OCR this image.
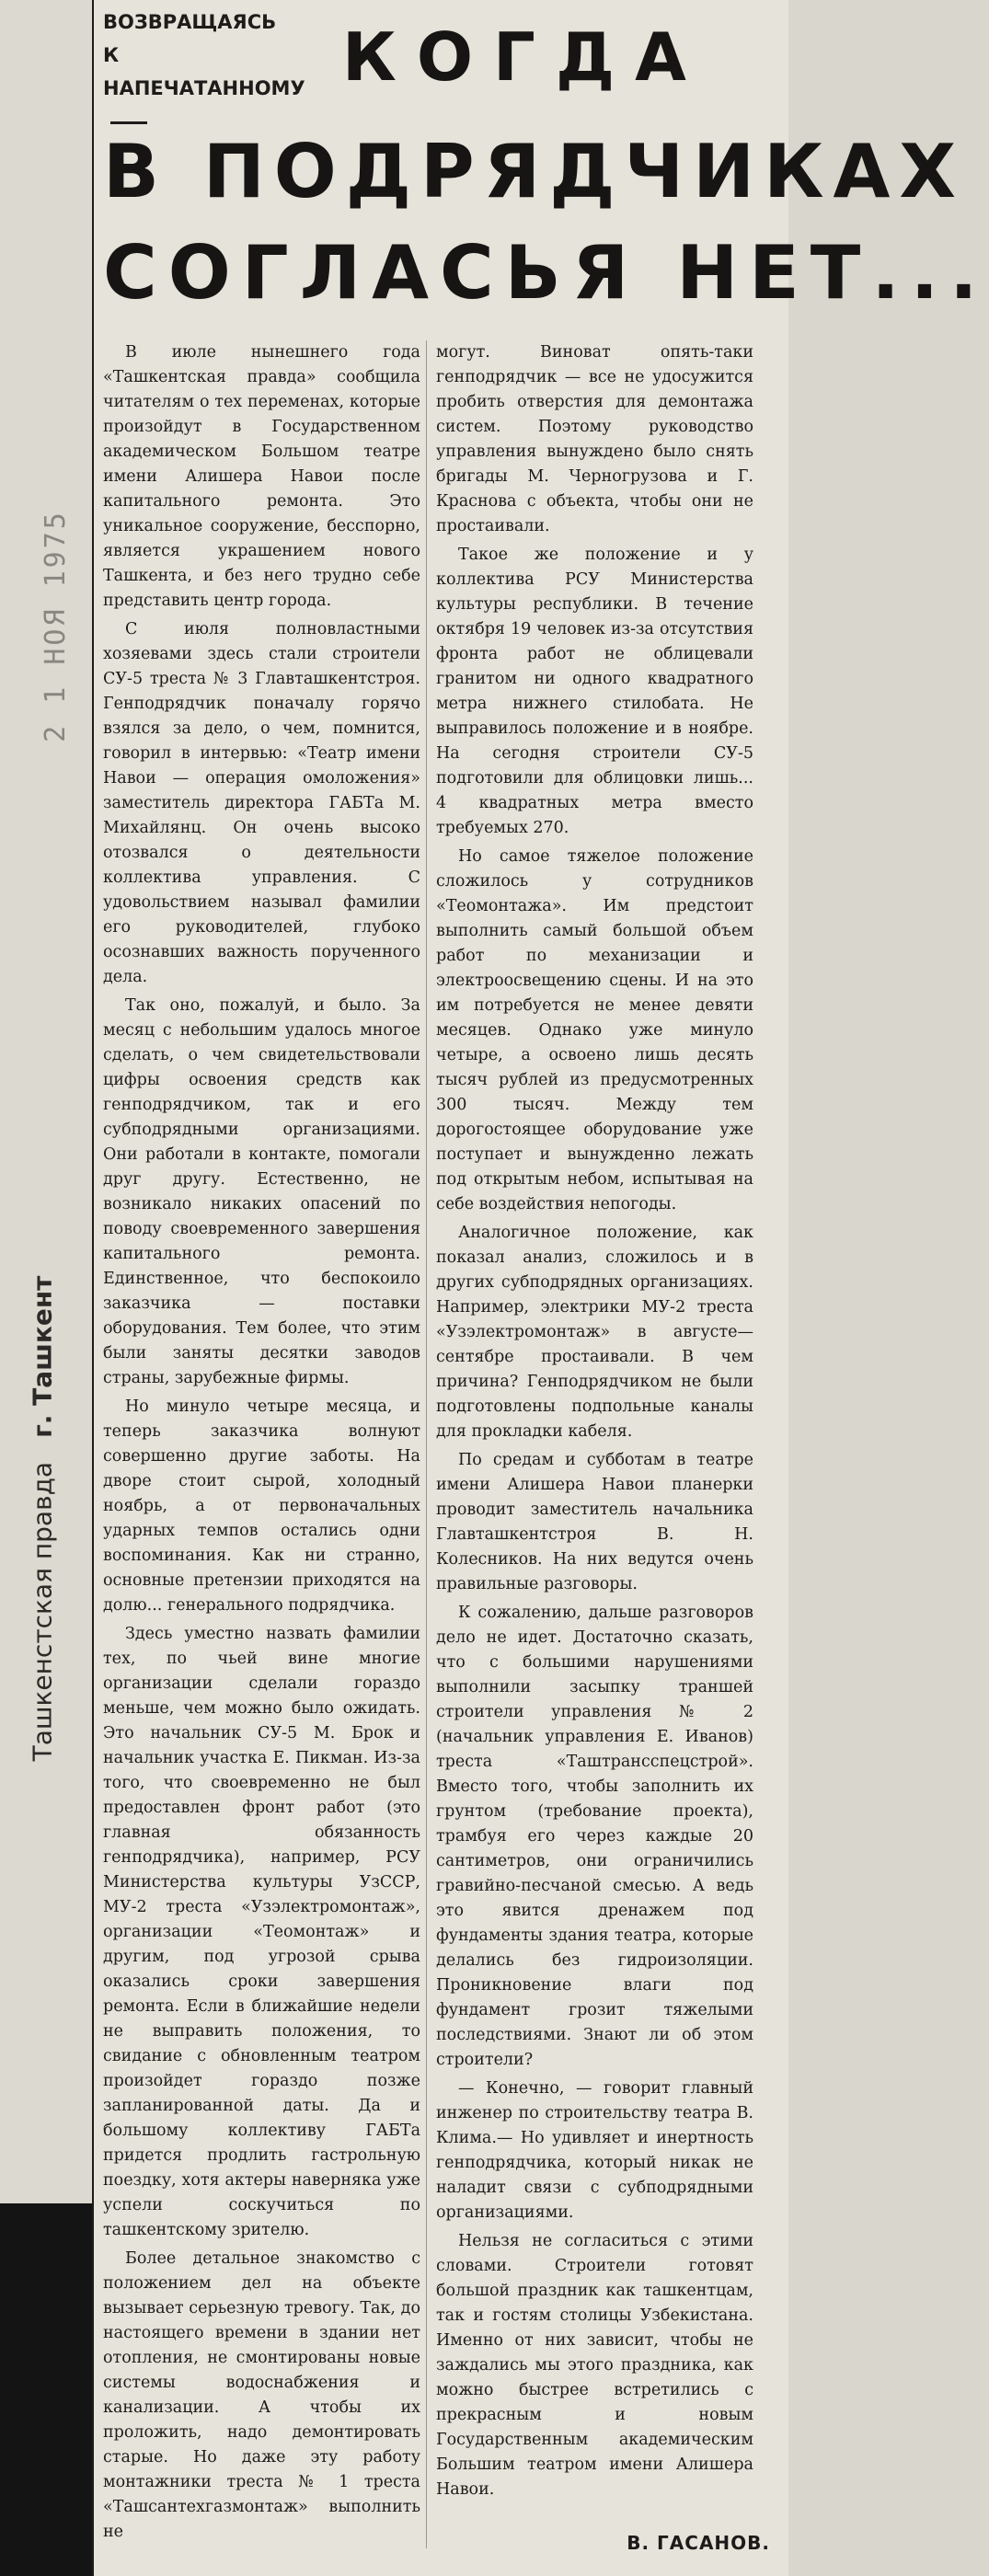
2 1 НОЯ 1975
Ташкенстская правдаг. Ташкент
ВОЗВРАЩАЯСЬ
К НАПЕЧАТАННОМУ КОГДА
В ПОДРЯДЧИКАХ
СОГЛАСЬЯ НЕТ...

В июле нынешнего года «Ташкентская правда» сообщила читателям о тех переменах, которые произойдут в Государственном академическом Большом театре имени Алишера Навои после капитального ремонта. Это уникальное сооружение, бесспорно, является украшением нового Ташкента, и без него трудно себе представить центр города.

С июля полновластными хозяевами здесь стали строители СУ-5 треста № 3 Главташкентстроя. Генподрядчик поначалу горячо взялся за дело, о чем, помнится, говорил в интервью: «Театр имени Навои — операция омоложения» заместитель директора ГАБТа М. Михайлянц. Он очень высоко отозвался о деятельности коллектива управления. С удовольствием называл фамилии его руководителей, глубоко осознавших важность порученного дела.

Так оно, пожалуй, и было. За месяц с небольшим удалось многое сделать, о чем свидетельствовали цифры освоения средств как генподрядчиком, так и его субподрядными организациями. Они работали в контакте, помогали друг другу. Естественно, не возникало никаких опасений по поводу своевременного завершения капитального ремонта. Единственное, что беспокоило заказчика — поставки оборудования. Тем более, что этим были заняты десятки заводов страны, зарубежные фирмы.

Но минуло четыре месяца, и теперь заказчика волнуют совершенно другие заботы. На дворе стоит сырой, холодный ноябрь, а от первоначальных ударных темпов остались одни воспоминания. Как ни странно, основные претензии приходятся на долю... генерального подрядчика.

Здесь уместно назвать фамилии тех, по чьей вине многие организации сделали гораздо меньше, чем можно было ожидать. Это начальник СУ-5 М. Брок и начальник участка Е. Пикман. Из-за того, что своевременно не был предоставлен фронт работ (это главная обязанность генподрядчика), например, РСУ Министерства культуры УзССР, МУ-2 треста «Узэлектромонтаж», организации «Теомонтаж» и другим, под угрозой срыва оказались сроки завершения ремонта. Если в ближайшие недели не выправить положения, то свидание с обновленным театром произойдет гораздо позже запланированной даты. Да и большому коллективу ГАБТа придется продлить гастрольную поездку, хотя актеры наверняка уже успели соскучиться по ташкентскому зрителю.

Более детальное знакомство с положением дел на объекте вызывает серьезную тревогу. Так, до настоящего времени в здании нет отопления, не смонтированы новые системы водоснабжения и канализации. А чтобы их проложить, надо демонтировать старые. Но даже эту работу монтажники треста № 1 треста «Ташсантехгазмонтаж» выполнить не

могут. Виноват опять-таки генподрядчик — все не удосужится пробить отверстия для демонтажа систем. Поэтому руководство управления вынуждено было снять бригады М. Черногрузова и Г. Краснова с объекта, чтобы они не простаивали.

Такое же положение и у коллектива РСУ Министерства культуры республики. В течение октября 19 человек из-за отсутствия фронта работ не облицевали гранитом ни одного квадратного метра нижнего стилобата. Не выправилось положение и в ноябре. На сегодня строители СУ-5 подготовили для облицовки лишь... 4 квадратных метра вместо требуемых 270.

Но самое тяжелое положение сложилось у сотрудников «Теомонтажа». Им предстоит выполнить самый большой объем работ по механизации и электроосвещению сцены. И на это им потребуется не менее девяти месяцев. Однако уже минуло четыре, а освоено лишь десять тысяч рублей из предусмотренных 300 тысяч. Между тем дорогостоящее оборудование уже поступает и вынужденно лежать под открытым небом, испытывая на себе воздействия непогоды.

Аналогичное положение, как показал анализ, сложилось и в других субподрядных организациях. Например, электрики МУ-2 треста «Узэлектромонтаж» в августе—сентябре простаивали. В чем причина? Генподрядчиком не были подготовлены подпольные каналы для прокладки кабеля.

По средам и субботам в театре имени Алишера Навои планерки проводит заместитель начальника Главташкентстроя В. Н. Колесников. На них ведутся очень правильные разговоры.

К сожалению, дальше разговоров дело не идет. Достаточно сказать, что с большими нарушениями выполнили засыпку траншей строители управления № 2 (начальник управления Е. Иванов) треста «Таштрансспецстрой». Вместо того, чтобы заполнить их грунтом (требование проекта), трамбуя его через каждые 20 сантиметров, они ограничились гравийно-песчаной смесью. А ведь это явится дренажем под фундаменты здания театра, которые делались без гидроизоляции. Проникновение влаги под фундамент грозит тяжелыми последствиями. Знают ли об этом строители?

— Конечно, — говорит главный инженер по строительству театра В. Клима.— Но удивляет и инертность генподрядчика, который никак не наладит связи с субподрядными организациями.

Нельзя не согласиться с этими словами. Строители готовят большой праздник как ташкентцам, так и гостям столицы Узбекистана. Именно от них зависит, чтобы не заждались мы этого праздника, как можно быстрее встретились с прекрасным и новым Государственным академическим Большим театром имени Алишера Навои.

В. ГАСАНОВ.
